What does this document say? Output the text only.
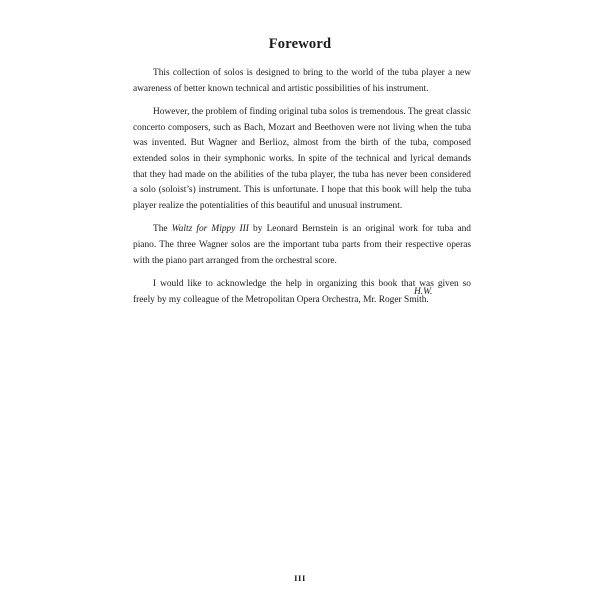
Foreword

This collection of solos is designed to bring to the world of the tuba player a new awareness of better known technical and artistic possibilities of his instrument.

However, the problem of finding original tuba solos is tremendous. The great classic concerto composers, such as Bach, Mozart and Beethoven were not living when the tuba was invented. But Wagner and Berlioz, almost from the birth of the tuba, composed extended solos in their symphonic works. In spite of the technical and lyrical demands that they had made on the abilities of the tuba player, the tuba has never been considered a solo (soloist’s) instrument. This is unfortunate. I hope that this book will help the tuba player realize the potentialities of this beautiful and unusual instrument.

The Waltz for Mippy III by Leonard Bernstein is an original work for tuba and piano. The three Wagner solos are the important tuba parts from their respective operas with the piano part arranged from the orchestral score.

I would like to acknowledge the help in organizing this book that was given so freely by my colleague of the Metropolitan Opera Orchestra, Mr. Roger Smith.

H.W.
III
